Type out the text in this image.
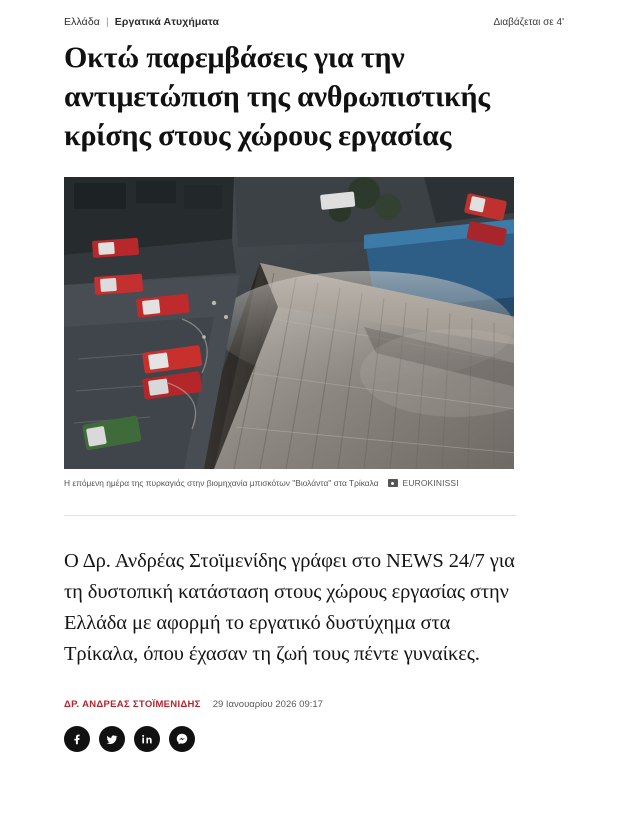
Ελλάδα | Εργατικά Ατυχήματα	Διαβάζεται σε 4'
Οκτώ παρεμβάσεις για την αντιμετώπιση της ανθρωπιστικής κρίσης στους χώρους εργασίας
Η επόμενη ημέρα της πυρκαγιάς στην βιομηχανία μπισκότων "Βιολάντα" στα Τρίκαλα	EUROKINISSI

Ο Δρ. Ανδρέας Στοϊμενίδης γράφει στο NEWS 24/7 για τη δυστοπική κατάσταση στους χώρους εργασίας στην Ελλάδα με αφορμή το εργατικό δυστύχημα στα Τρίκαλα, όπου έχασαν τη ζωή τους πέντε γυναίκες.

ΔΡ. ΑΝΔΡΕΑΣ ΣΤΟΪΜΕΝΙΔΗΣ 29 Ιανουαρίου 2026 09:17
